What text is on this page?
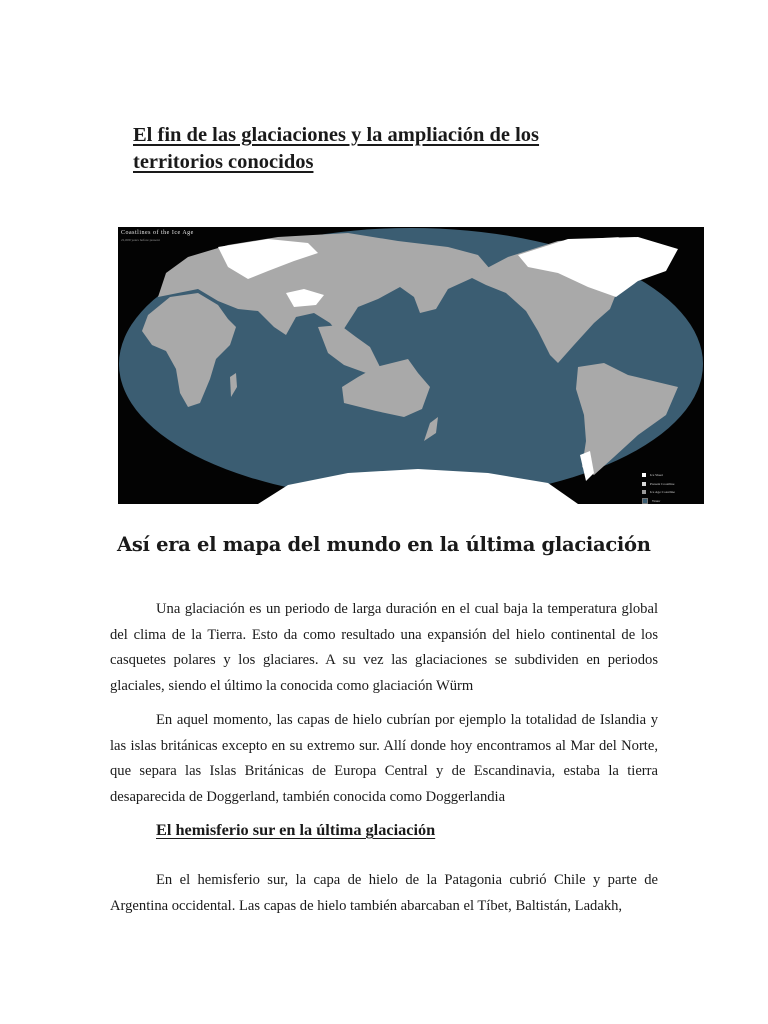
El fin de las glaciaciones y la ampliación de los territorios conocidos

Coastlines of the Ice Age

21,000 years before present

Ice Sheet
Present Coastline
Ice Age Coastline
Water

Así era el mapa del mundo en la última glaciación

Una glaciación es un periodo de larga duración en el cual baja la temperatura global del clima de la Tierra. Esto da como resultado una expansión del hielo continental de los casquetes polares y los glaciares. A su vez las glaciaciones se subdividen en periodos glaciales, siendo el último la conocida como glaciación Würm

En aquel momento, las capas de hielo cubrían por ejemplo la totalidad de Islandia y las islas británicas excepto en su extremo sur. Allí donde hoy encontramos al Mar del Norte, que separa las Islas Británicas de Europa Central y de Escandinavia, estaba la tierra desaparecida de Doggerland, también conocida como Doggerlandia

El hemisferio sur en la última glaciación

En el hemisferio sur, la capa de hielo de la Patagonia cubrió Chile y parte de Argentina occidental. Las capas de hielo también abarcaban el Tíbet, Baltistán, Ladakh,
